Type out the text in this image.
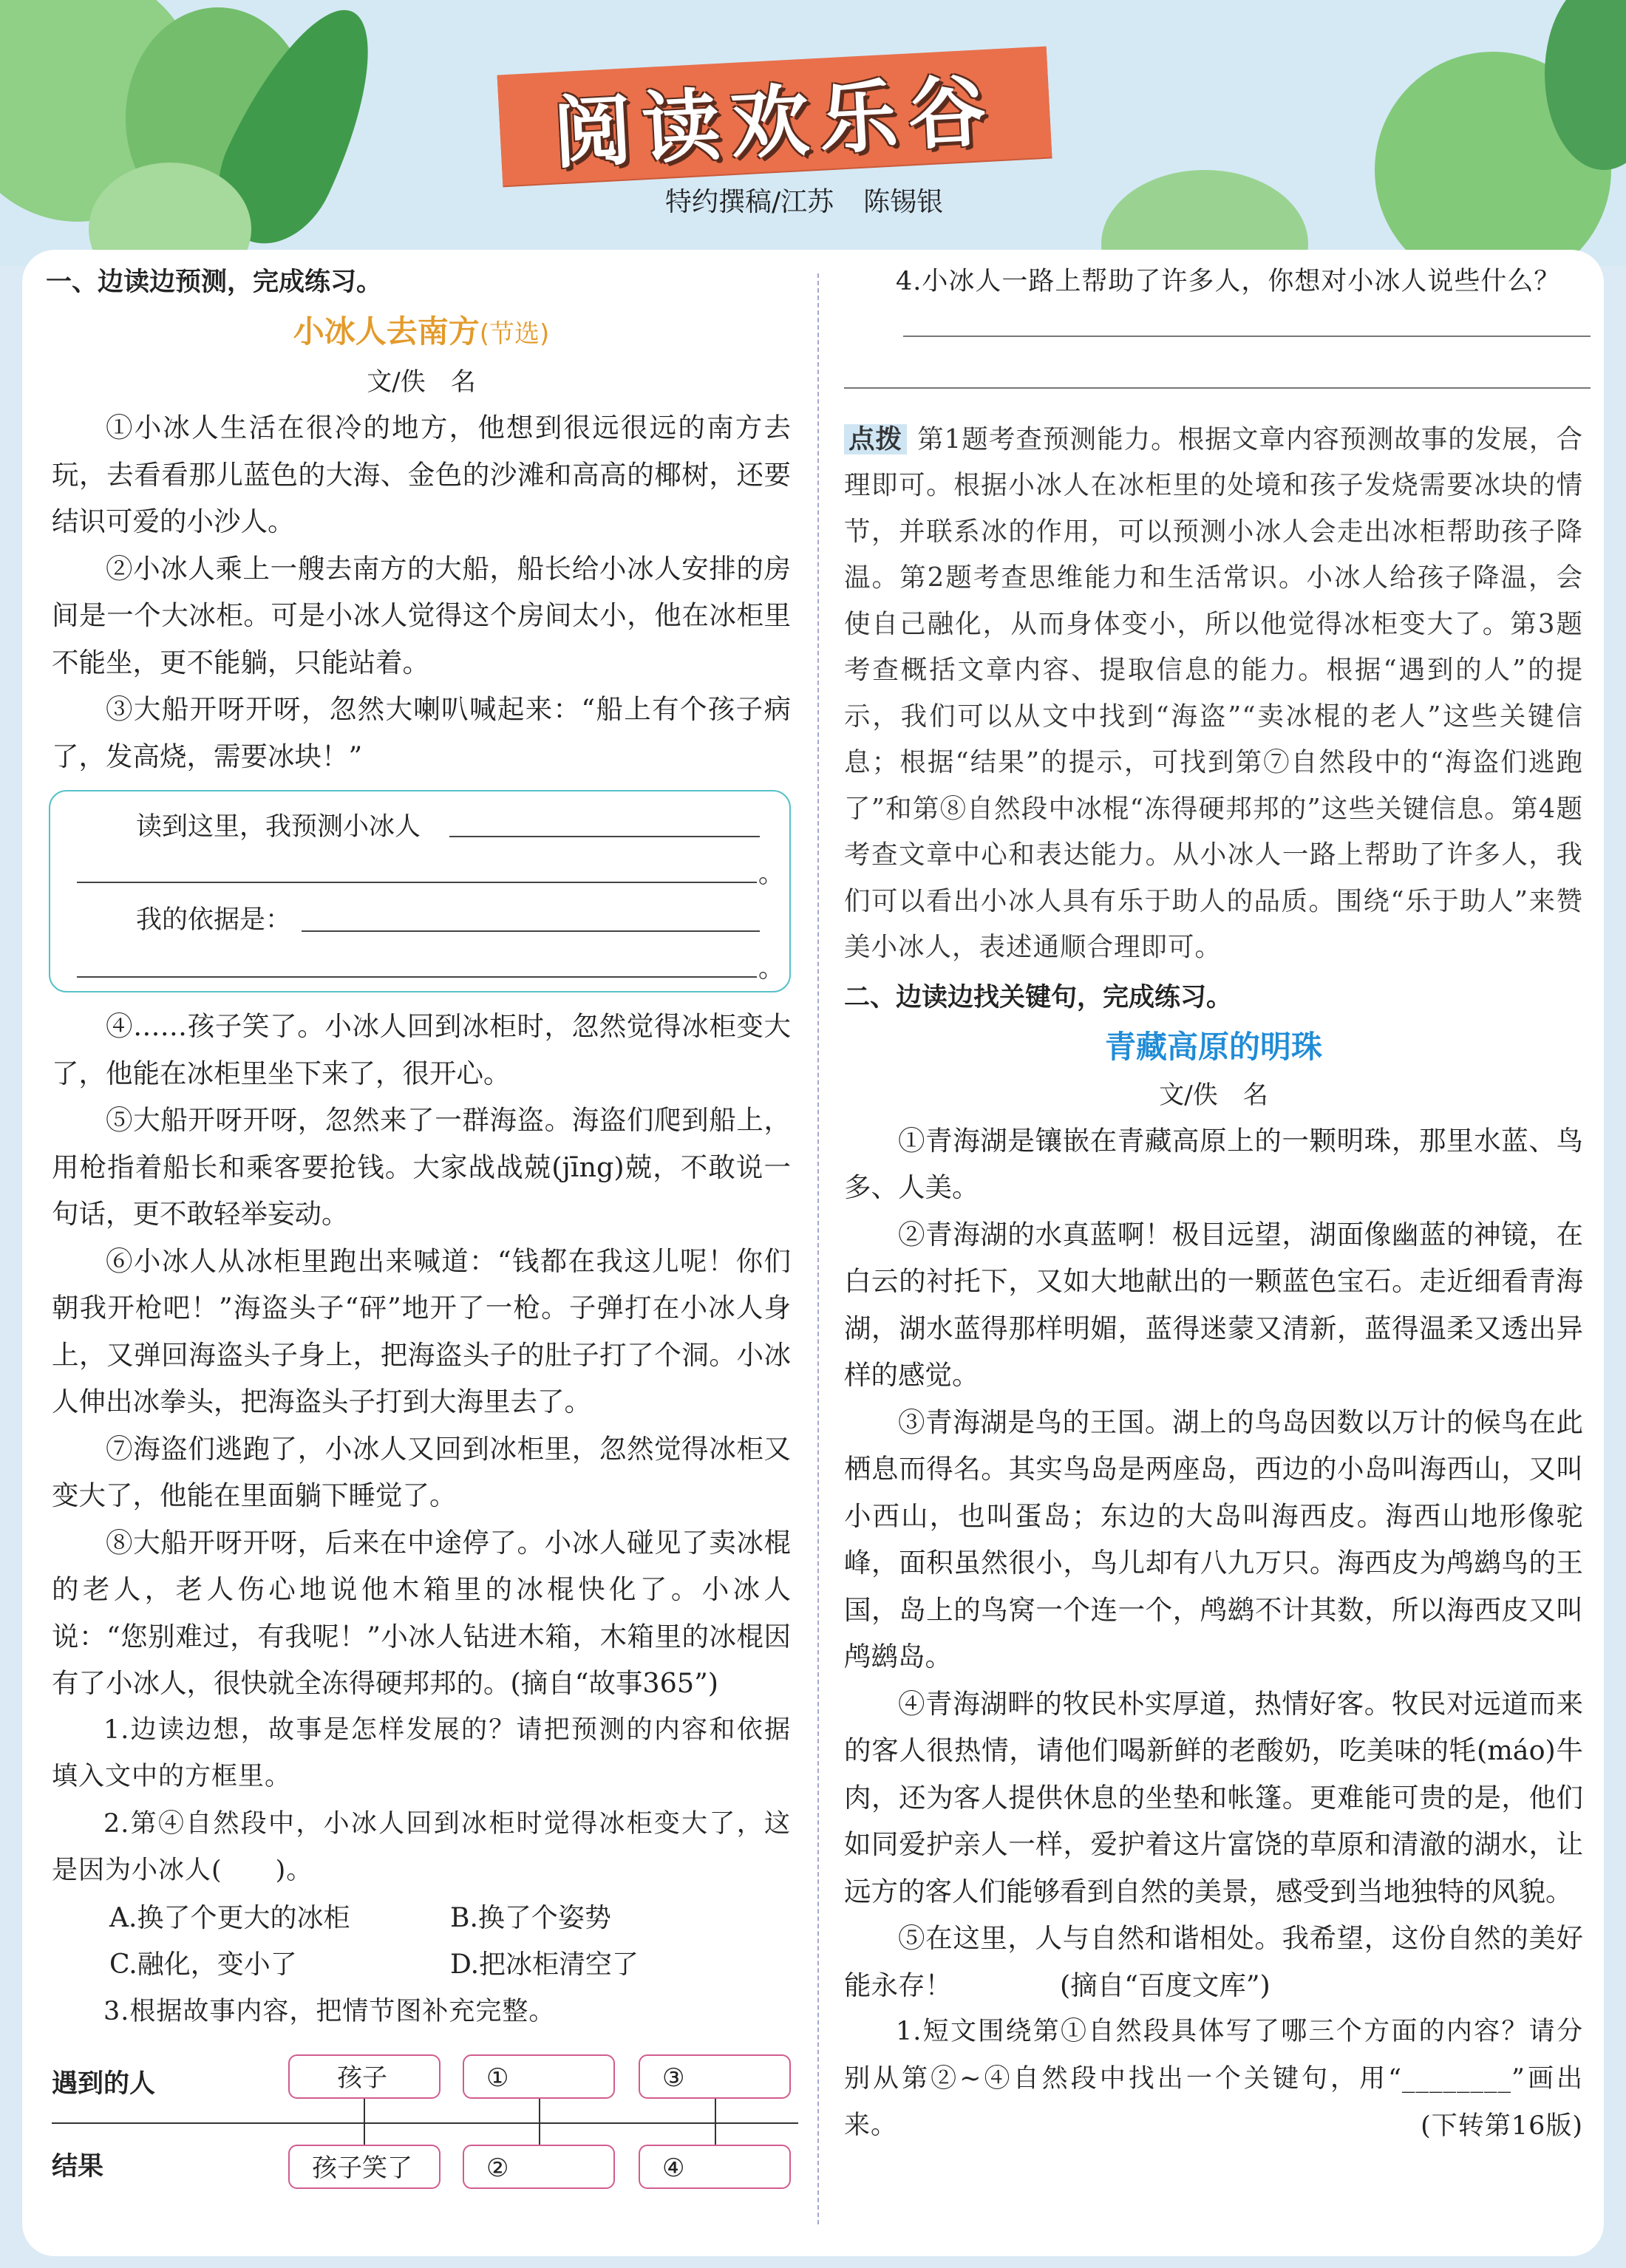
阅读欢乐谷
特约撰稿/江苏 陈锡银
一、边读边预测，完成练习。
小冰人去南方(节选)
文/佚　名

①小冰人生活在很冷的地方，他想到很远很远的南方去玩，去看看那儿蓝色的大海、金色的沙滩和高高的椰树，还要结识可爱的小沙人。

②小冰人乘上一艘去南方的大船，船长给小冰人安排的房间是一个大冰柜。可是小冰人觉得这个房间太小，他在冰柜里不能坐，更不能躺，只能站着。

③大船开呀开呀，忽然大喇叭喊起来：“船上有个孩子病了，发高烧，需要冰块！”

读到这里，我预测小冰人
。
我的依据是：
。

④……孩子笑了。小冰人回到冰柜时，忽然觉得冰柜变大了，他能在冰柜里坐下来了，很开心。

⑤大船开呀开呀，忽然来了一群海盗。海盗们爬到船上，用枪指着船长和乘客要抢钱。大家战战兢(jīng)兢，不敢说一句话，更不敢轻举妄动。

⑥小冰人从冰柜里跑出来喊道：“钱都在我这儿呢！你们朝我开枪吧！”海盗头子“砰”地开了一枪。子弹打在小冰人身上，又弹回海盗头子身上，把海盗头子的肚子打了个洞。小冰人伸出冰拳头，把海盗头子打到大海里去了。

⑦海盗们逃跑了，小冰人又回到冰柜里，忽然觉得冰柜又变大了，他能在里面躺下睡觉了。

⑧大船开呀开呀，后来在中途停了。小冰人碰见了卖冰棍的老人，老人伤心地说他木箱里的冰棍快化了。小冰人说：“您别难过，有我呢！”小冰人钻进木箱，木箱里的冰棍因有了小冰人，很快就全冻得硬邦邦的。(摘自“故事365”)

1.边读边想，故事是怎样发展的？请把预测的内容和依据填入文中的方框里。

2.第④自然段中，小冰人回到冰柜时觉得冰柜变大了，这是因为小冰人(　　)。

A.换了个更大的冰柜	B.换了个姿势
C.融化，变小了	D.把冰柜清空了

3.根据故事内容，把情节图补充完整。

遇到的人
结果
孩子	①	③
孩子笑了	②	④

4.小冰人一路上帮助了许多人，你想对小冰人说些什么？

点拨 第1题考查预测能力。根据文章内容预测故事的发展，合理即可。根据小冰人在冰柜里的处境和孩子发烧需要冰块的情节，并联系冰的作用，可以预测小冰人会走出冰柜帮助孩子降温。第2题考查思维能力和生活常识。小冰人给孩子降温，会使自己融化，从而身体变小，所以他觉得冰柜变大了。第3题考查概括文章内容、提取信息的能力。根据“遇到的人”的提示，我们可以从文中找到“海盗”“卖冰棍的老人”这些关键信息；根据“结果”的提示，可找到第⑦自然段中的“海盗们逃跑了”和第⑧自然段中冰棍“冻得硬邦邦的”这些关键信息。第4题考查文章中心和表达能力。从小冰人一路上帮助了许多人，我们可以看出小冰人具有乐于助人的品质。围绕“乐于助人”来赞美小冰人，表述通顺合理即可。

二、边读边找关键句，完成练习。
青藏高原的明珠
文/佚　名

①青海湖是镶嵌在青藏高原上的一颗明珠，那里水蓝、鸟多、人美。

②青海湖的水真蓝啊！极目远望，湖面像幽蓝的神镜，在白云的衬托下，又如大地献出的一颗蓝色宝石。走近细看青海湖，湖水蓝得那样明媚，蓝得迷蒙又清新，蓝得温柔又透出异样的感觉。

③青海湖是鸟的王国。湖上的鸟岛因数以万计的候鸟在此栖息而得名。其实鸟岛是两座岛，西边的小岛叫海西山，又叫小西山，也叫蛋岛；东边的大岛叫海西皮。海西山地形像驼峰，面积虽然很小，鸟儿却有八九万只。海西皮为鸬鹚鸟的王国，岛上的鸟窝一个连一个，鸬鹚不计其数，所以海西皮又叫鸬鹚岛。

④青海湖畔的牧民朴实厚道，热情好客。牧民对远道而来的客人很热情，请他们喝新鲜的老酸奶，吃美味的牦(máo)牛肉，还为客人提供休息的坐垫和帐篷。更难能可贵的是，他们如同爱护亲人一样，爱护着这片富饶的草原和清澈的湖水，让远方的客人们能够看到自然的美景，感受到当地独特的风貌。

⑤在这里，人与自然和谐相处。我希望，这份自然的美好能永存！　　　　(摘自“百度文库”)

1.短文围绕第①自然段具体写了哪三个方面的内容？请分别从第②~④自然段中找出一个关键句，用“________”画出来。	(下转第16版)
